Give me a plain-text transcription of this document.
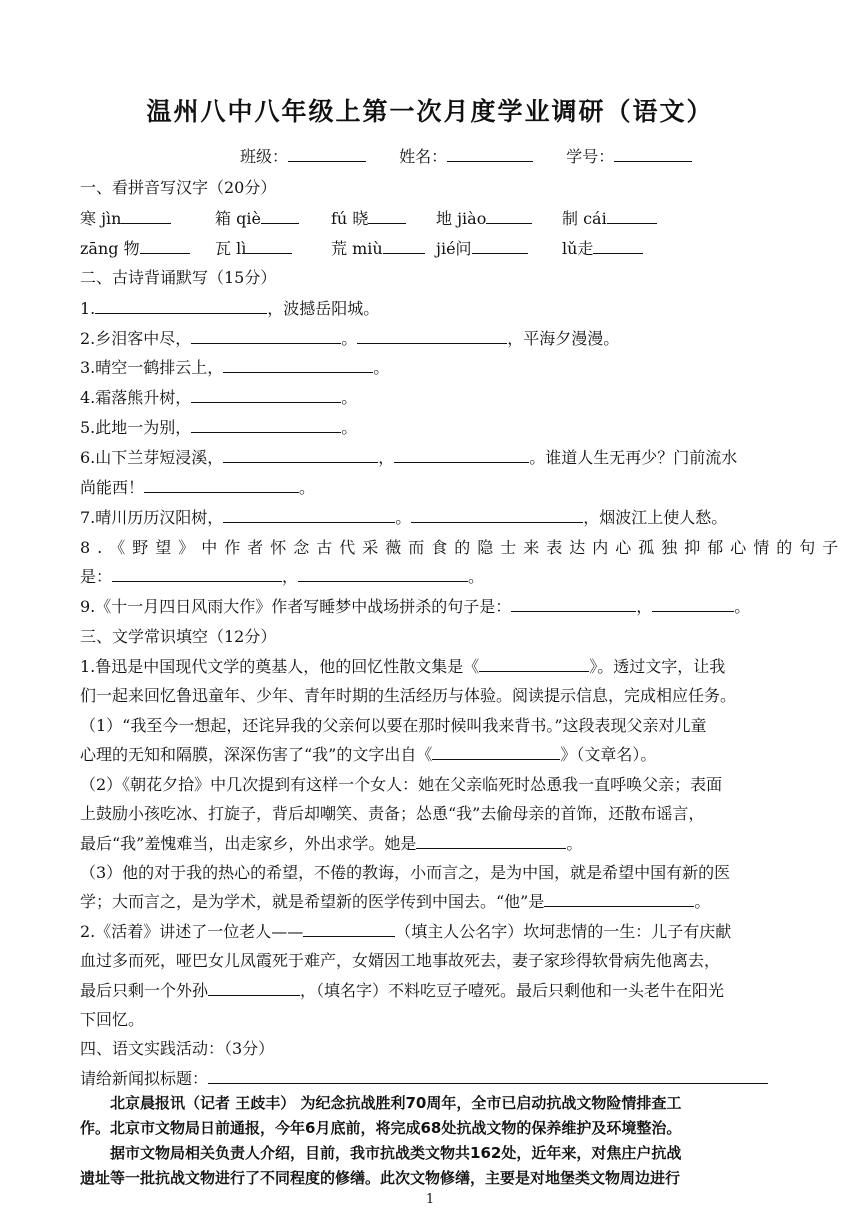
温州八中八年级上第一次月度学业调研（语文）
班级：	姓名：	学号：
一、看拼音写汉字（20分）
寒 jìn	箱 qiè	fú 晓	地 jiào	制 cái
zāng 物	瓦 lì	荒 miù	jié问	lǔ走
二、古诗背诵默写（15分）
1.	，波撼岳阳城。
2.乡泪客中尽，	。	，平海夕漫漫。
3.晴空一鹤排云上，	。
4.霜落熊升树，	。
5.此地一为别，	。
6.山下兰芽短浸溪，	，	。谁道人生无再少？门前流水
尚能西！	。
7.晴川历历汉阳树，	。	，烟波江上使人愁。
8.《野望》中作者怀念古代采薇而食的隐士来表达内心孤独抑郁心情的句子
是：	，	。
9.《十一月四日风雨大作》作者写睡梦中战场拼杀的句子是：	，	。
三、文学常识填空（12分）
1.鲁迅是中国现代文学的奠基人，他的回忆性散文集是《	》。透过文字，让我
们一起来回忆鲁迅童年、少年、青年时期的生活经历与体验。阅读提示信息，完成相应任务。
（1）“我至今一想起，还诧异我的父亲何以要在那时候叫我来背书。”这段表现父亲对儿童
心理的无知和隔膜，深深伤害了“我”的文字出自《	》（文章名）。
（2）《朝花夕拾》中几次提到有这样一个女人：她在父亲临死时怂恿我一直呼唤父亲；表面
上鼓励小孩吃冰、打旋子，背后却嘲笑、责备；怂恿“我”去偷母亲的首饰，还散布谣言，
最后“我”羞愧难当，出走家乡，外出求学。她是	。
（3）他的对于我的热心的希望，不倦的教诲，小而言之，是为中国，就是希望中国有新的医
学；大而言之，是为学术，就是希望新的医学传到中国去。“他”是	。
2.《活着》讲述了一位老人——	（填主人公名字）坎坷悲情的一生：儿子有庆献
血过多而死，哑巴女儿凤霞死于难产，女婿因工地事故死去，妻子家珍得软骨病先他离去，
最后只剩一个外孙	，（填名字）不料吃豆子噎死。最后只剩他和一头老牛在阳光
下回忆。
四、语文实践活动：（3分）
请给新闻拟标题：
　　北京晨报讯（记者 王歧丰） 为纪念抗战胜利70周年，全市已启动抗战文物险情排查工
作。北京市文物局日前通报，今年6月底前，将完成68处抗战文物的保养维护及环境整治。
　　据市文物局相关负责人介绍，目前，我市抗战类文物共162处，近年来，对焦庄户抗战
遗址等一批抗战文物进行了不同程度的修缮。此次文物修缮，主要是对地堡类文物周边进行
1
